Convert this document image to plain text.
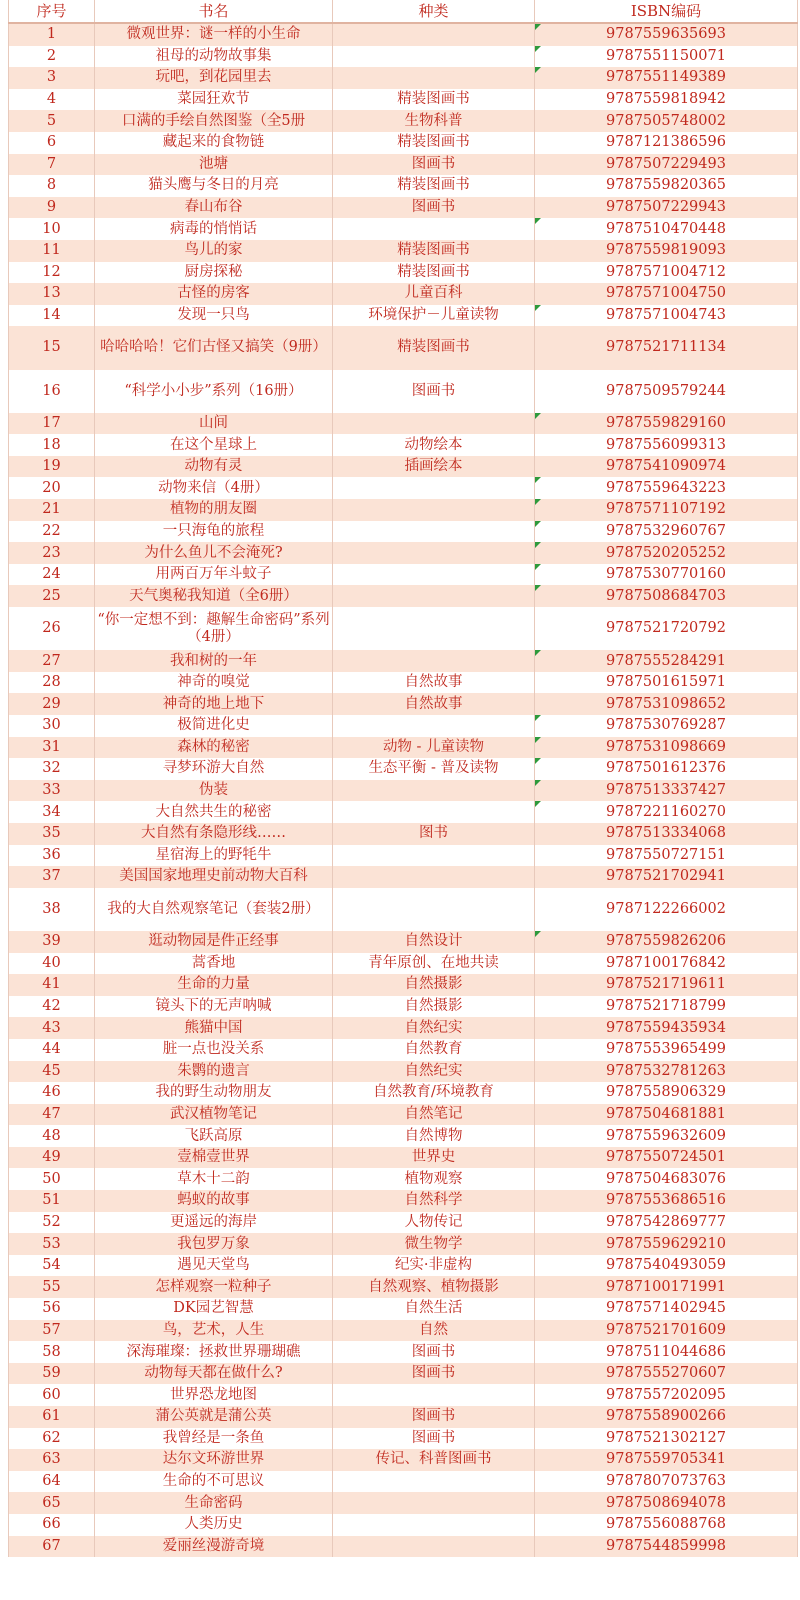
序号	书名	种类	ISBN编码
1	微观世界：谜一样的小生命		9787559635693

2	祖母的动物故事集		9787551150071

3	玩吧，到花园里去		9787551149389

4	菜园狂欢节	精装图画书	9787559818942
5	口满的手绘自然图鉴（全5册	生物科普	9787505748002
6	藏起来的食物链	精装图画书	9787121386596
7	池塘	图画书	9787507229493
8	猫头鹰与冬日的月亮	精装图画书	9787559820365
9	春山布谷	图画书	9787507229943
10	病毒的悄悄话		9787510470448

11	鸟儿的家	精装图画书	9787559819093
12	厨房探秘	精装图画书	9787571004712
13	古怪的房客	儿童百科	9787571004750
14	发现一只鸟	环境保护－儿童读物	9787571004743

15	哈哈哈哈！它们古怪又搞笑（9册）	精装图画书	9787521711134
16	“科学小小步”系列（16册）	图画书	9787509579244
17	山间		9787559829160

18	在这个星球上	动物绘本	9787556099313
19	动物有灵	插画绘本	9787541090974
20	动物来信（4册）		9787559643223

21	植物的朋友圈		9787571107192

22	一只海龟的旅程		9787532960767

23	为什么鱼儿不会淹死?		9787520205252

24	用两百万年斗蚊子		9787530770160

25	天气奥秘我知道（全6册）		9787508684703

26	“你一定想不到：趣解生命密码”系列（4册）		9787521720792
27	我和树的一年		9787555284291

28	神奇的嗅觉	自然故事	9787501615971
29	神奇的地上地下	自然故事	9787531098652
30	极简进化史		9787530769287

31	森林的秘密	动物 - 儿童读物	9787531098669

32	寻梦环游大自然	生态平衡 - 普及读物	9787501612376

33	伪装		9787513337427

34	大自然共生的秘密		9787221160270

35	大自然有条隐形线……	图书	9787513334068
36	星宿海上的野牦牛		9787550727151
37	美国国家地理史前动物大百科		9787521702941
38	我的大自然观察笔记（套装2册）		9787122266002
39	逛动物园是件正经事	自然设计	9787559826206

40	蒿香地	青年原创、在地共读	9787100176842
41	生命的力量	自然摄影	9787521719611
42	镜头下的无声呐喊	自然摄影	9787521718799
43	熊猫中国	自然纪实	9787559435934
44	脏一点也没关系	自然教育	9787553965499
45	朱鹮的遗言	自然纪实	9787532781263
46	我的野生动物朋友	自然教育/环境教育	9787558906329
47	武汉植物笔记	自然笔记	9787504681881
48	飞跃高原	自然博物	9787559632609
49	壹棉壹世界	世界史	9787550724501
50	草木十二韵	植物观察	9787504683076
51	蚂蚁的故事	自然科学	9787553686516
52	更遥远的海岸	人物传记	9787542869777
53	我包罗万象	微生物学	9787559629210
54	遇见天堂鸟	纪实·非虚构	9787540493059
55	怎样观察一粒种子	自然观察、植物摄影	9787100171991
56	DK园艺智慧	自然生活	9787571402945
57	鸟，艺术，人生	自然	9787521701609
58	深海璀璨：拯救世界珊瑚礁	图画书	9787511044686
59	动物每天都在做什么?	图画书	9787555270607
60	世界恐龙地图		9787557202095
61	蒲公英就是蒲公英	图画书	9787558900266
62	我曾经是一条鱼	图画书	9787521302127
63	达尔文环游世界	传记、科普图画书	9787559705341
64	生命的不可思议		9787807073763
65	生命密码		9787508694078
66	人类历史		9787556088768
67	爱丽丝漫游奇境		9787544859998
